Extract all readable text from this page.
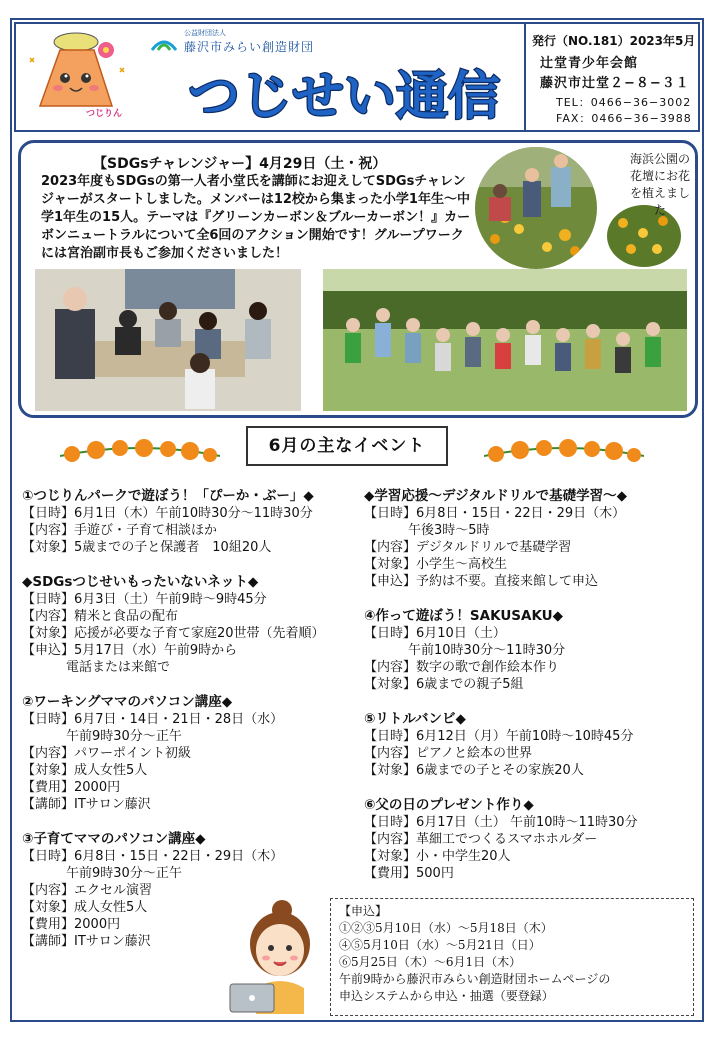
つじりん
公益財団法人
藤沢市みらい創造財団
つじせい通信
発行（NO.181）2023年5月
辻堂青少年会館
藤沢市辻堂２−８−３１
TEL：0466−36−3002
FAX：0466−36−3988
【SDGsチャレンジャー】4月29日（土・祝）
2023年度もSDGsの第一人者小堂氏を講師にお迎えしてSDGsチャレンジャーがスタートしました。メンバーは12校から集まった小学1年生〜中学1年生の15人。テーマは『グリーンカーボン＆ブルーカーボン！』カーボンニュートラルについて全6回のアクション開始です！グループワークには宮治副市長もご参加くださいました！
海浜公園の花壇にお花を植えました
6月の主なイベント
①つじりんパークで遊ぼう！「ぴーか・ぶー」◆
【日時】6月1日（木）午前10時30分〜11時30分
【内容】手遊び・子育て相談ほか
【対象】5歳までの子と保護者　10組20人
◆SDGsつじせいもったいないネット◆
【日時】6月3日（土）午前9時〜9時45分
【内容】精米と食品の配布
【対象】応援が必要な子育て家庭20世帯（先着順）
【申込】5月17日（水）午前9時から
電話または来館で
②ワーキングママのパソコン講座◆
【日時】6月7日・14日・21日・28日（水）
午前9時30分〜正午
【内容】パワーポイント初級
【対象】成人女性5人
【費用】2000円
【講師】ITサロン藤沢
③子育てママのパソコン講座◆
【日時】6月8日・15日・22日・29日（木）
午前9時30分〜正午
【内容】エクセル演習
【対象】成人女性5人
【費用】2000円
【講師】ITサロン藤沢
◆学習応援〜デジタルドリルで基礎学習〜◆
【日時】6月8日・15日・22日・29日（木）
午後3時〜5時
【内容】デジタルドリルで基礎学習
【対象】小学生〜高校生
【申込】予約は不要。直接来館して申込
④作って遊ぼう！SAKUSAKU◆
【日時】6月10日（土）
午前10時30分〜11時30分
【内容】数字の歌で創作絵本作り
【対象】6歳までの親子5組
⑤リトルバンビ◆
【日時】6月12日（月）午前10時〜10時45分
【内容】ピアノと絵本の世界
【対象】6歳までの子とその家族20人
⑥父の日のプレゼント作り◆
【日時】6月17日（土） 午前10時〜11時30分
【内容】革細工でつくるスマホホルダー
【対象】小・中学生20人
【費用】500円
【申込】
①②③5月10日（水）〜5月18日（木）
④⑤5月10日（水）〜5月21日（日）
⑥5月25日（木）〜6月1日（木）
午前9時から藤沢市みらい創造財団ホームページの
申込システムから申込・抽選（要登録）
